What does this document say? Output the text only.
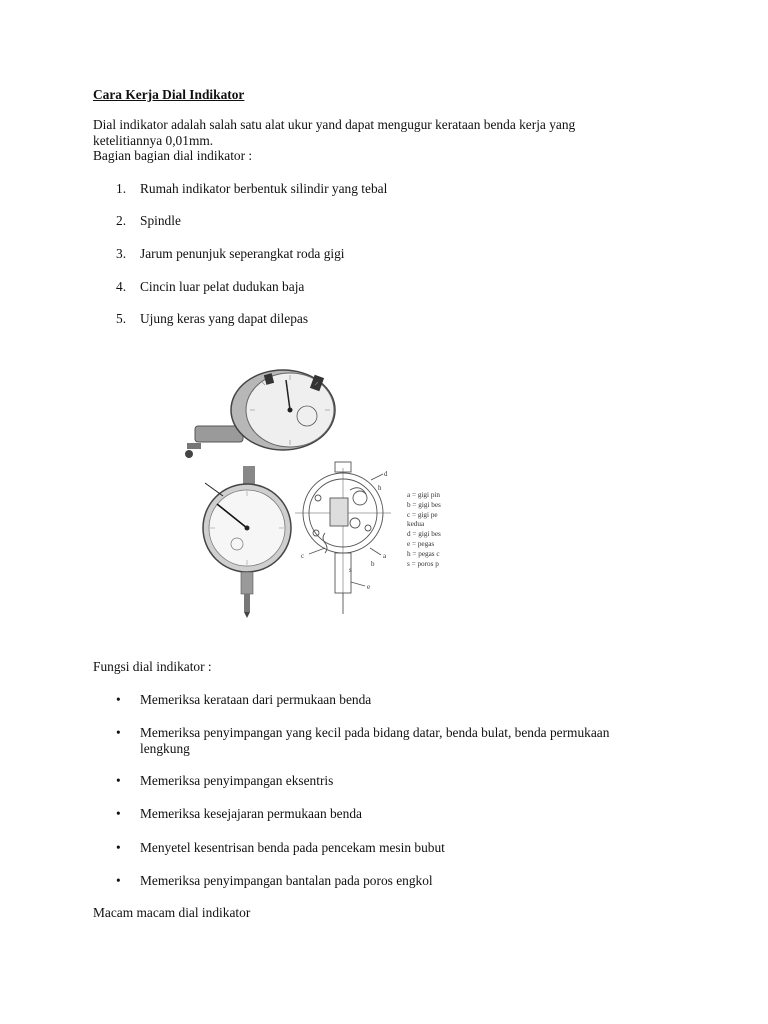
Cara Kerja Dial Indikator
Dial indikator adalah salah satu alat ukur yand dapat mengugur kerataan benda kerja yang
ketelitiannya 0,01mm.
Bagian bagian dial indikator :
1. Rumah indikator berbentuk silindir yang tebal
2. Spindle
3. Jarum penunjuk seperangkat roda gigi
4. Cincin luar pelat dudukan baja
5. Ujung keras yang dapat dilepas
d
h
c
s
e
a
b
a = gigi pin
b = gigi bes
c = gigi pe
kedua
d = gigi bes
e = pegas
h = pegas c
s = poros p
Fungsi dial indikator :
•	Memeriksa kerataan dari permukaan benda
•	Memeriksa penyimpangan yang kecil pada bidang datar, benda bulat, benda permukaan lengkung
•	Memeriksa penyimpangan eksentris
•	Memeriksa kesejajaran permukaan benda
•	Menyetel kesentrisan benda pada pencekam mesin bubut
•	Memeriksa penyimpangan bantalan pada poros engkol
Macam macam dial indikator
